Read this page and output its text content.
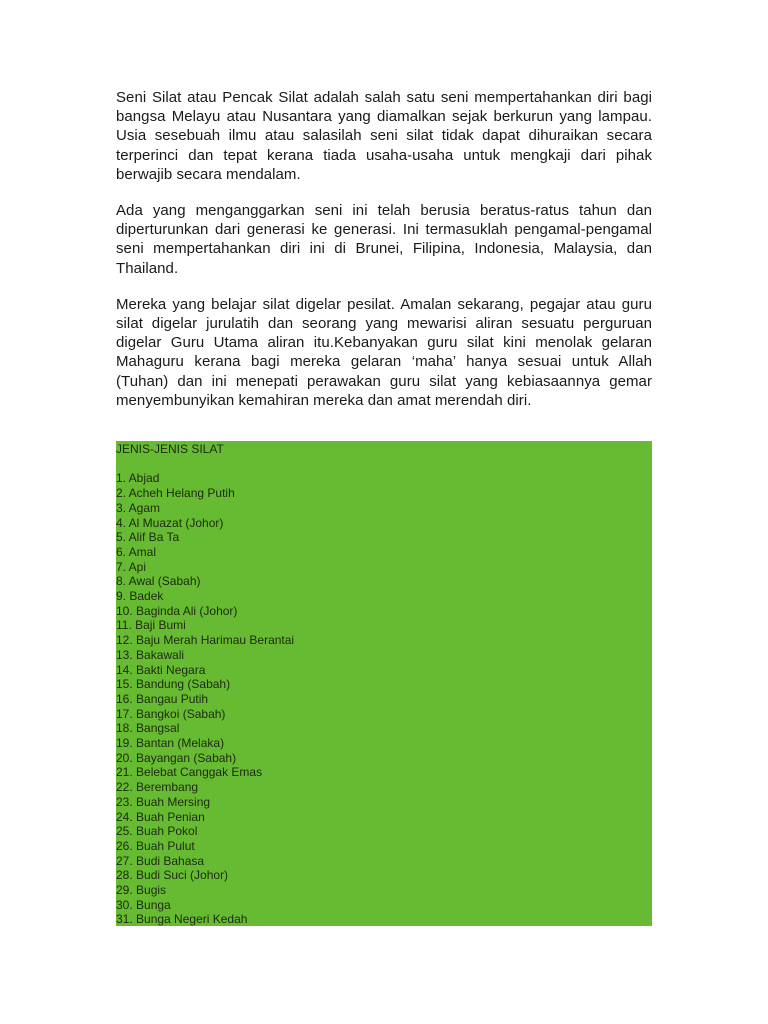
Seni Silat atau Pencak Silat adalah salah satu seni mempertahankan diri bagi bangsa Melayu atau Nusantara yang diamalkan sejak berkurun yang lampau. Usia sesebuah ilmu atau salasilah seni silat tidak dapat dihuraikan secara terperinci dan tepat kerana tiada usaha-usaha untuk mengkaji dari pihak berwajib secara mendalam.

Ada yang menganggarkan seni ini telah berusia beratus-ratus tahun dan diperturunkan dari generasi ke generasi. Ini termasuklah pengamal-pengamal seni mempertahankan diri ini di Brunei, Filipina, Indonesia, Malaysia, dan Thailand.

Mereka yang belajar silat digelar pesilat. Amalan sekarang, pegajar atau guru silat digelar jurulatih dan seorang yang mewarisi aliran sesuatu perguruan digelar Guru Utama aliran itu.Kebanyakan guru silat kini menolak gelaran Mahaguru kerana bagi mereka gelaran ‘maha’ hanya sesuai untuk Allah (Tuhan) dan ini menepati perawakan guru silat yang kebiasaannya gemar menyembunyikan kemahiran mereka dan amat merendah diri.

JENIS-JENIS SILAT
1. Abjad
2. Acheh Helang Putih
3. Agam
4. Al Muazat (Johor)
5. Alif Ba Ta
6. Amal
7. Api
8. Awal (Sabah)
9. Badek
10. Baginda Ali (Johor)
11. Baji Bumi
12. Baju Merah Harimau Berantai
13. Bakawali
14. Bakti Negara
15. Bandung (Sabah)
16. Bangau Putih
17. Bangkoi (Sabah)
18. Bangsal
19. Bantan (Melaka)
20. Bayangan (Sabah)
21. Belebat Canggak Emas
22. Berembang
23. Buah Mersing
24. Buah Penian
25. Buah Pokol
26. Buah Pulut
27. Budi Bahasa
28. Budi Suci (Johor)
29. Bugis
30. Bunga
31. Bunga Negeri Kedah
